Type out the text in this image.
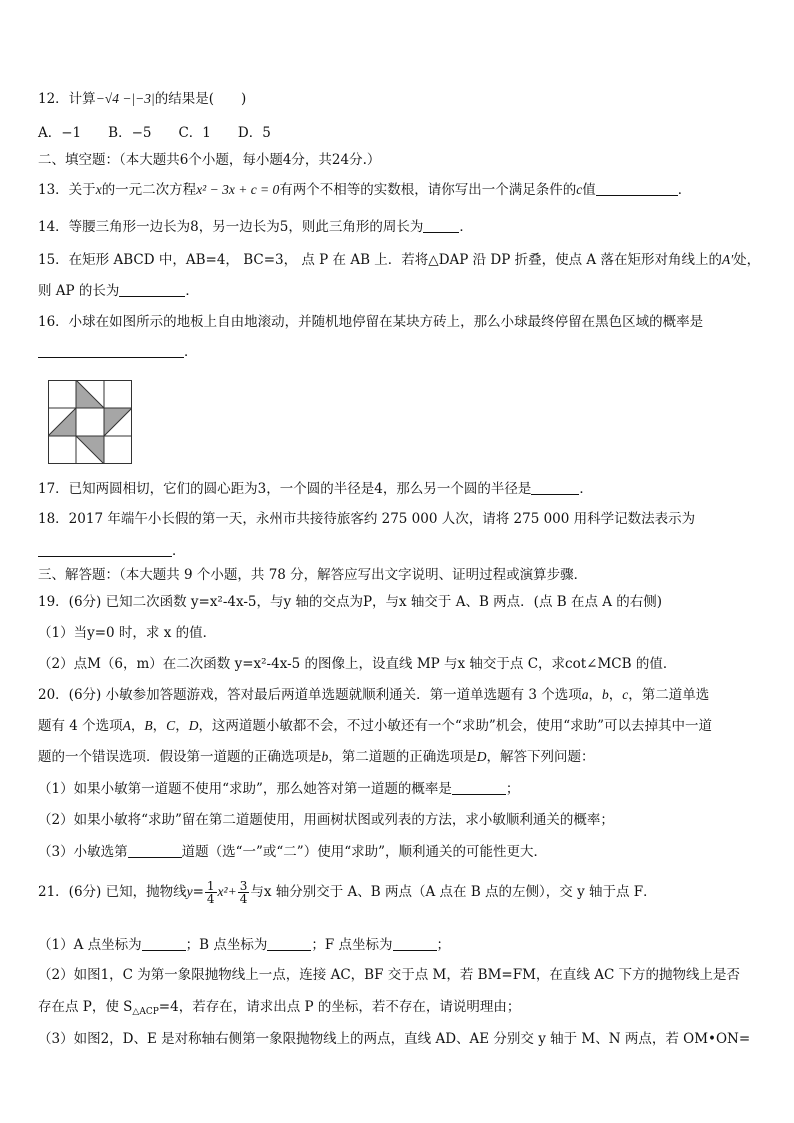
12．计算−√4 −|−3|的结果是(　　)
A．−1　　B．−5　　C．1　　D．5
二、填空题：（本大题共6个小题，每小题4分，共24分.）
13．关于x的一元二次方程x² − 3x + c = 0有两个不相等的实数根，请你写出一个满足条件的c值	．
14．等腰三角形一边长为8，另一边长为5，则此三角形的周长为	．
15．在矩形 ABCD 中，AB=4， BC=3， 点 P 在 AB 上．若将△DAP 沿 DP 折叠，使点 A 落在矩形对角线上的A′处，
则 AP 的长为	．
16．小球在如图所示的地板上自由地滚动，并随机地停留在某块方砖上，那么小球最终停留在黑色区域的概率是
．
17．已知两圆相切，它们的圆心距为3，一个圆的半径是4，那么另一个圆的半径是	．
18．2017 年端午小长假的第一天，永州市共接待旅客约 275 000 人次，请将 275 000 用科学记数法表示为
．
三、解答题：（本大题共 9 个小题，共 78 分，解答应写出文字说明、证明过程或演算步骤．
19．(6分) 已知二次函数 y=x²-4x-5，与y 轴的交点为P，与x 轴交于 A、B 两点．(点 B 在点 A 的右侧)
（1）当y=0 时，求 x 的值．
（2）点M（6，m）在二次函数 y=x²-4x-5 的图像上，设直线 MP 与x 轴交于点 C，求cot∠MCB 的值．
20．(6分) 小敏参加答题游戏，答对最后两道单选题就顺利通关．第一道单选题有 3 个选项a，b，c，第二道单选
题有 4 个选项A，B，C，D，这两道题小敏都不会，不过小敏还有一个“求助”机会，使用“求助”可以去掉其中一道
题的一个错误选项．假设第一道题的正确选项是b，第二道题的正确选项是D，解答下列问题：
（1）如果小敏第一道题不使用“求助”，那么她答对第一道题的概率是	；
（2）如果小敏将“求助”留在第二道题使用，用画树状图或列表的方法，求小敏顺利通关的概率；
（3）小敏选第	道题（选“一”或“二”）使用“求助”，顺利通关的可能性更大．
21．(6分) 已知，抛物线$y= \frac{1}{4} x^2+ \frac{3}{4}$ 与x 轴分别交于 A、B 两点（A 点在 B 点的左侧），交 y 轴于点 F．
（1）A 点坐标为	；B 点坐标为	；F 点坐标为	；
（2）如图1，C 为第一象限抛物线上一点，连接 AC，BF 交于点 M，若 BM=FM，在直线 AC 下方的抛物线上是否
存在点 P，使 $S_{\triangle ACP}=4$，若存在，请求出点 P 的坐标，若不存在，请说明理由；
（3）如图2，D、E 是对称轴右侧第一象限抛物线上的两点，直线 AD、AE 分别交 y 轴于 M、N 两点，若 OM•ON=
